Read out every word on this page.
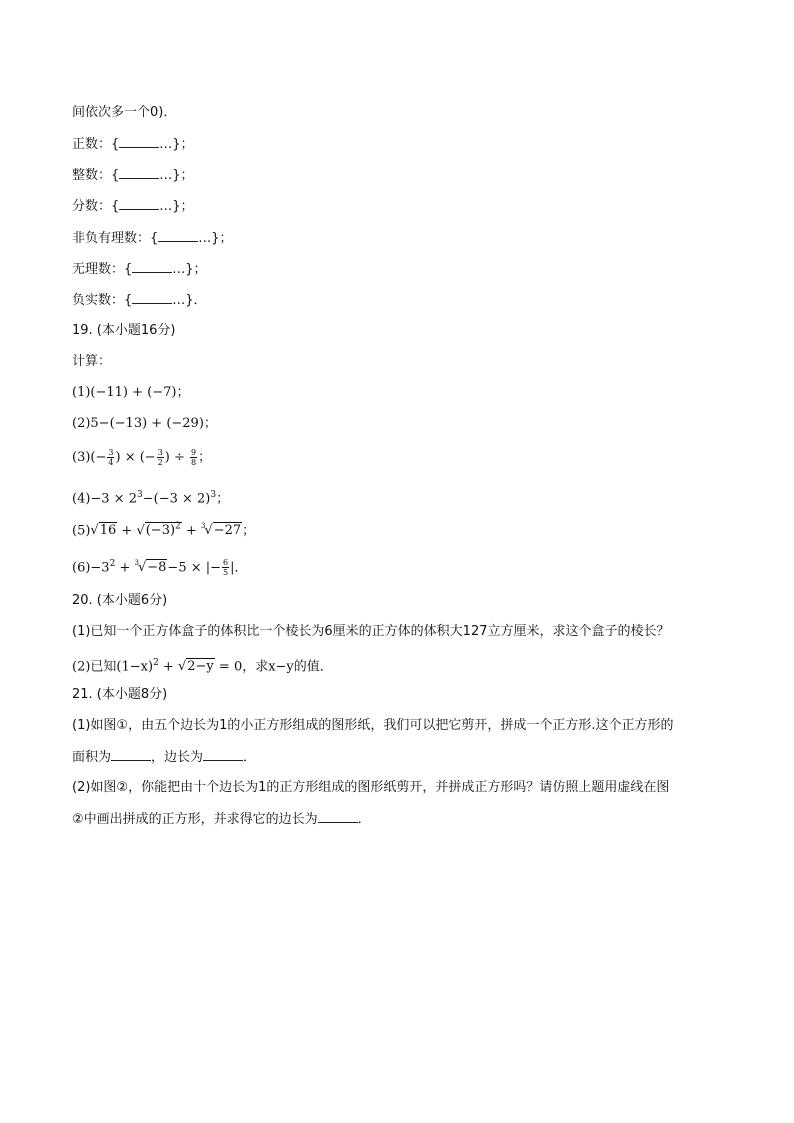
间依次多一个0)．
正数：{	…}；
整数：{	…}；
分数：{	…}；
非负有理数：{	…}；
无理数：{	…}；
负实数：{	…}．
19. (本小题16分)
计算：
(1)(−11) + (−7)；
(2)5−(−13) + (−29)；
$(3)(- \frac{3}{4}$ ) × (− $\frac{3}{2}$ ) ÷ $\frac{9}{8}$ ；
$(4)-3 \times 2^3-(-3 \times 2)^3$；
$(5)√16 + √(-3)^2 + ^3√-27$；
$(6)-3^2 + ^3√-8-5$ × |− $\frac{6}{5}$ |．
20. (本小题6分)
(1)已知一个正方体盒子的体积比一个棱长为6厘米的正方体的体积大127立方厘米，求这个盒子的棱长？
(2)已知$(1-x)^2 + √2-y = 0$，求x−y的值．
21. (本小题8分)
(1)如图①，由五个边长为1的小正方形组成的图形纸，我们可以把它剪开，拼成一个正方形.这个正方形的
面积为	，边长为	．
(2)如图②，你能把由十个边长为1的正方形组成的图形纸剪开，并拼成正方形吗？请仿照上题用虚线在图
②中画出拼成的正方形，并求得它的边长为	．
